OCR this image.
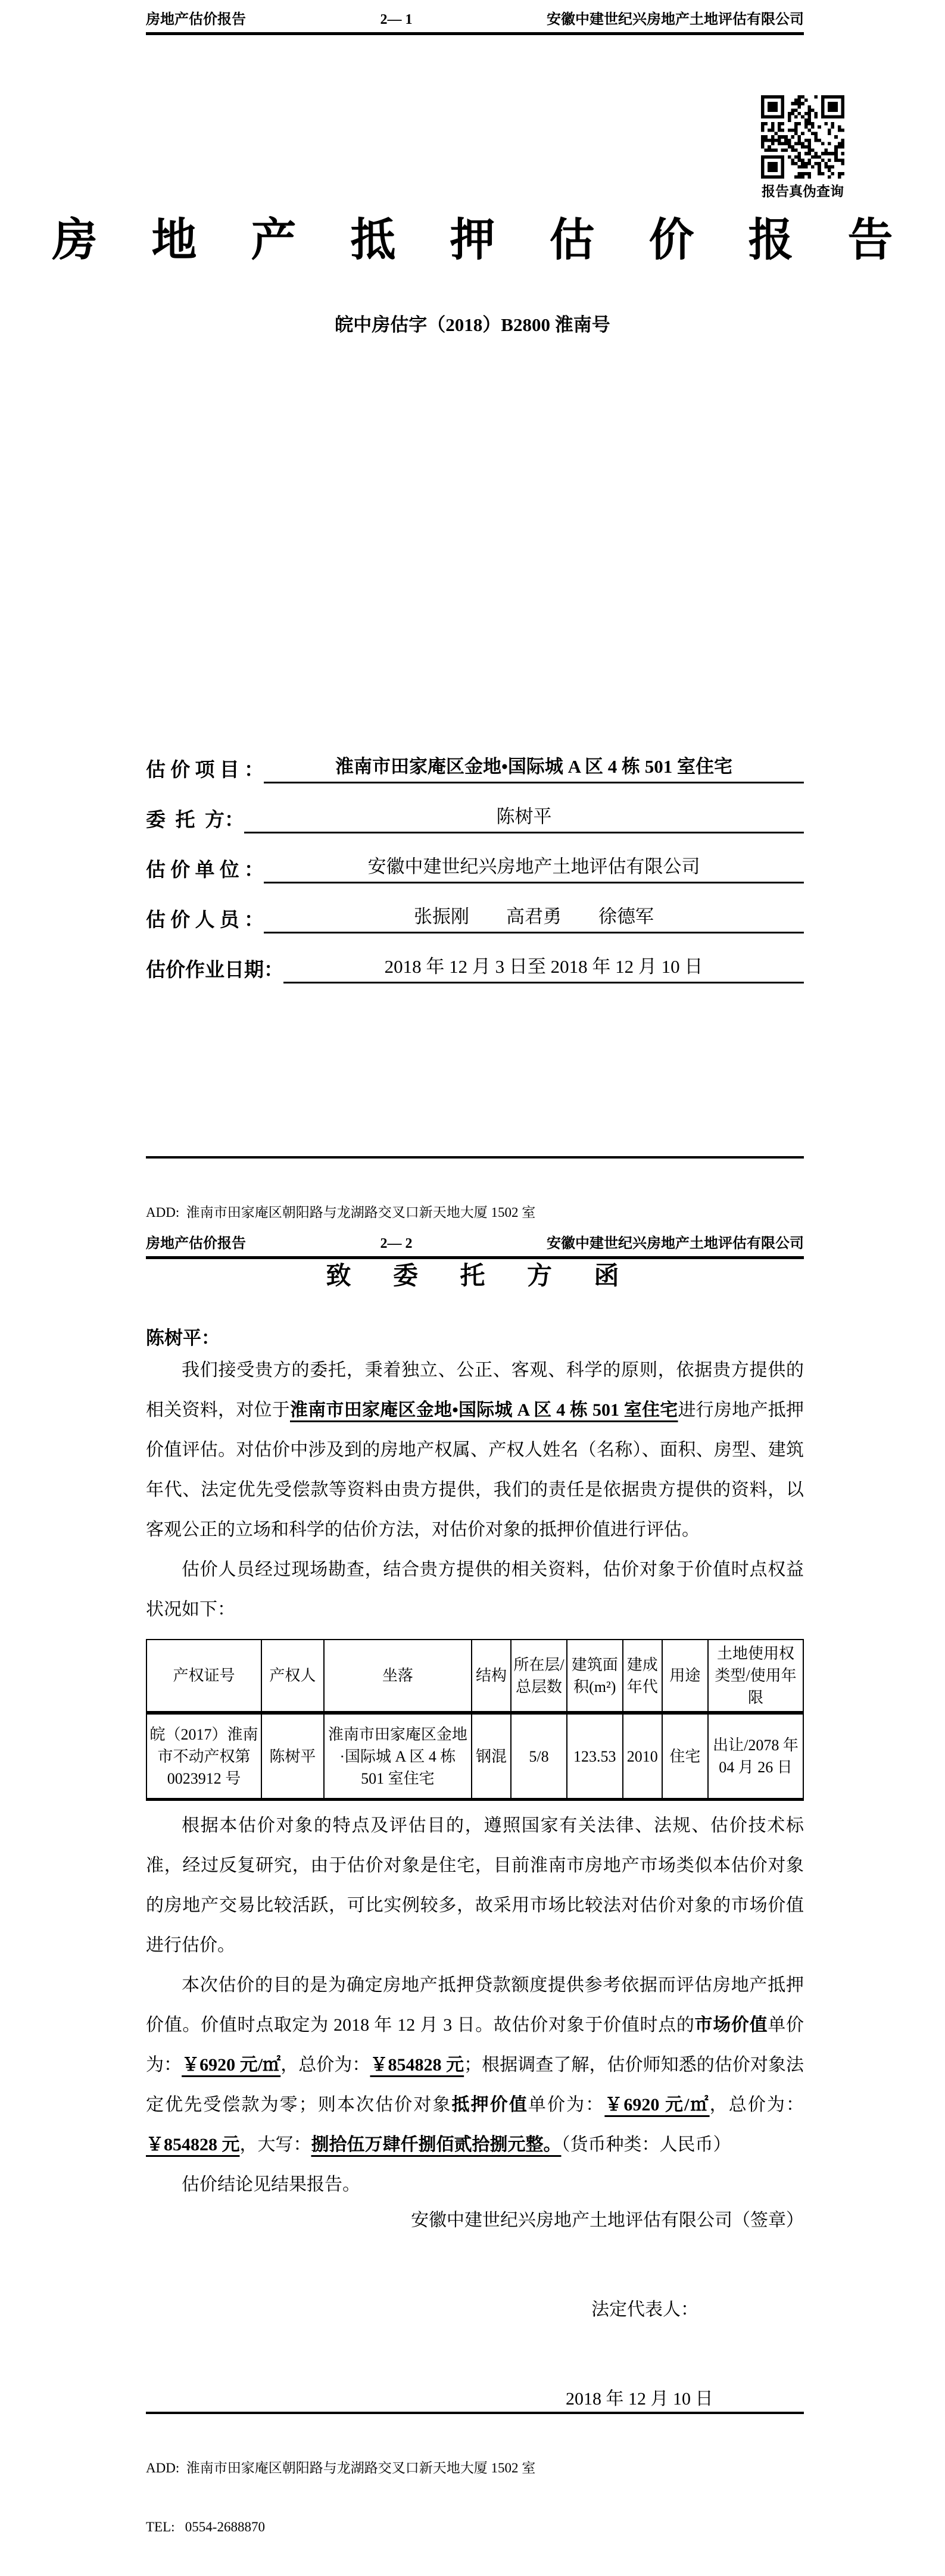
房地产估价报告	2— 1	安徽中建世纪兴房地产土地评估有限公司
报告真伪查询
房 地 产 抵 押 估 价 报 告
皖中房估字（2018）B2800 淮南号
估 价 项 目 ：	淮南市田家庵区金地•国际城 A 区 4 栋 501 室住宅
委  托  方：	陈树平
估 价 单 位 ：	安徽中建世纪兴房地产土地评估有限公司
估 价 人 员 ：	张振刚　　高君勇　　徐德军
估价作业日期：	2018 年 12 月 3 日至 2018 年 12 月 10 日

ADD:  淮南市田家庵区朝阳路与龙湖路交叉口新天地大厦 1502 室

房地产估价报告	2— 2	安徽中建世纪兴房地产土地评估有限公司
致 委 托 方 函
陈树平：

我们接受贵方的委托，秉着独立、公正、客观、科学的原则，依据贵方提供的相关资料，对位于淮南市田家庵区金地•国际城 A 区 4 栋 501 室住宅进行房地产抵押价值评估。对估价中涉及到的房地产权属、产权人姓名（名称）、面积、房型、建筑年代、法定优先受偿款等资料由贵方提供，我们的责任是依据贵方提供的资料，以客观公正的立场和科学的估价方法，对估价对象的抵押价值进行评估。

估价人员经过现场勘查，结合贵方提供的相关资料，估价对象于价值时点权益状况如下：

产权证号	产权人	坐落	结构	所在层/总层数	建筑面积(m²)	建成年代	用途	土地使用权类型/使用年限
皖（2017）淮南市不动产权第 0023912 号	陈树平	淮南市田家庵区金地·国际城 A 区 4 栋 501 室住宅	钢混	5/8	123.53	2010	住宅	出让/2078 年04 月 26 日

根据本估价对象的特点及评估目的，遵照国家有关法律、法规、估价技术标准，经过反复研究，由于估价对象是住宅，目前淮南市房地产市场类似本估价对象的房地产交易比较活跃，可比实例较多，故采用市场比较法对估价对象的市场价值进行估价。

本次估价的目的是为确定房地产抵押贷款额度提供参考依据而评估房地产抵押价值。价值时点取定为 2018 年 12 月 3 日。故估价对象于价值时点的市场价值单价为：￥6920 元/㎡，总价为：￥854828 元；根据调查了解，估价师知悉的估价对象法定优先受偿款为零；则本次估价对象抵押价值单价为：￥6920 元/㎡，总价为：￥854828 元，大写：捌拾伍万肆仟捌佰贰拾捌元整。（货币种类：人民币）

估价结论见结果报告。

安徽中建世纪兴房地产土地评估有限公司（签章）

法定代表人：

2018 年 12 月 10 日

ADD:  淮南市田家庵区朝阳路与龙湖路交叉口新天地大厦 1502 室

TEL:   0554-2688870
